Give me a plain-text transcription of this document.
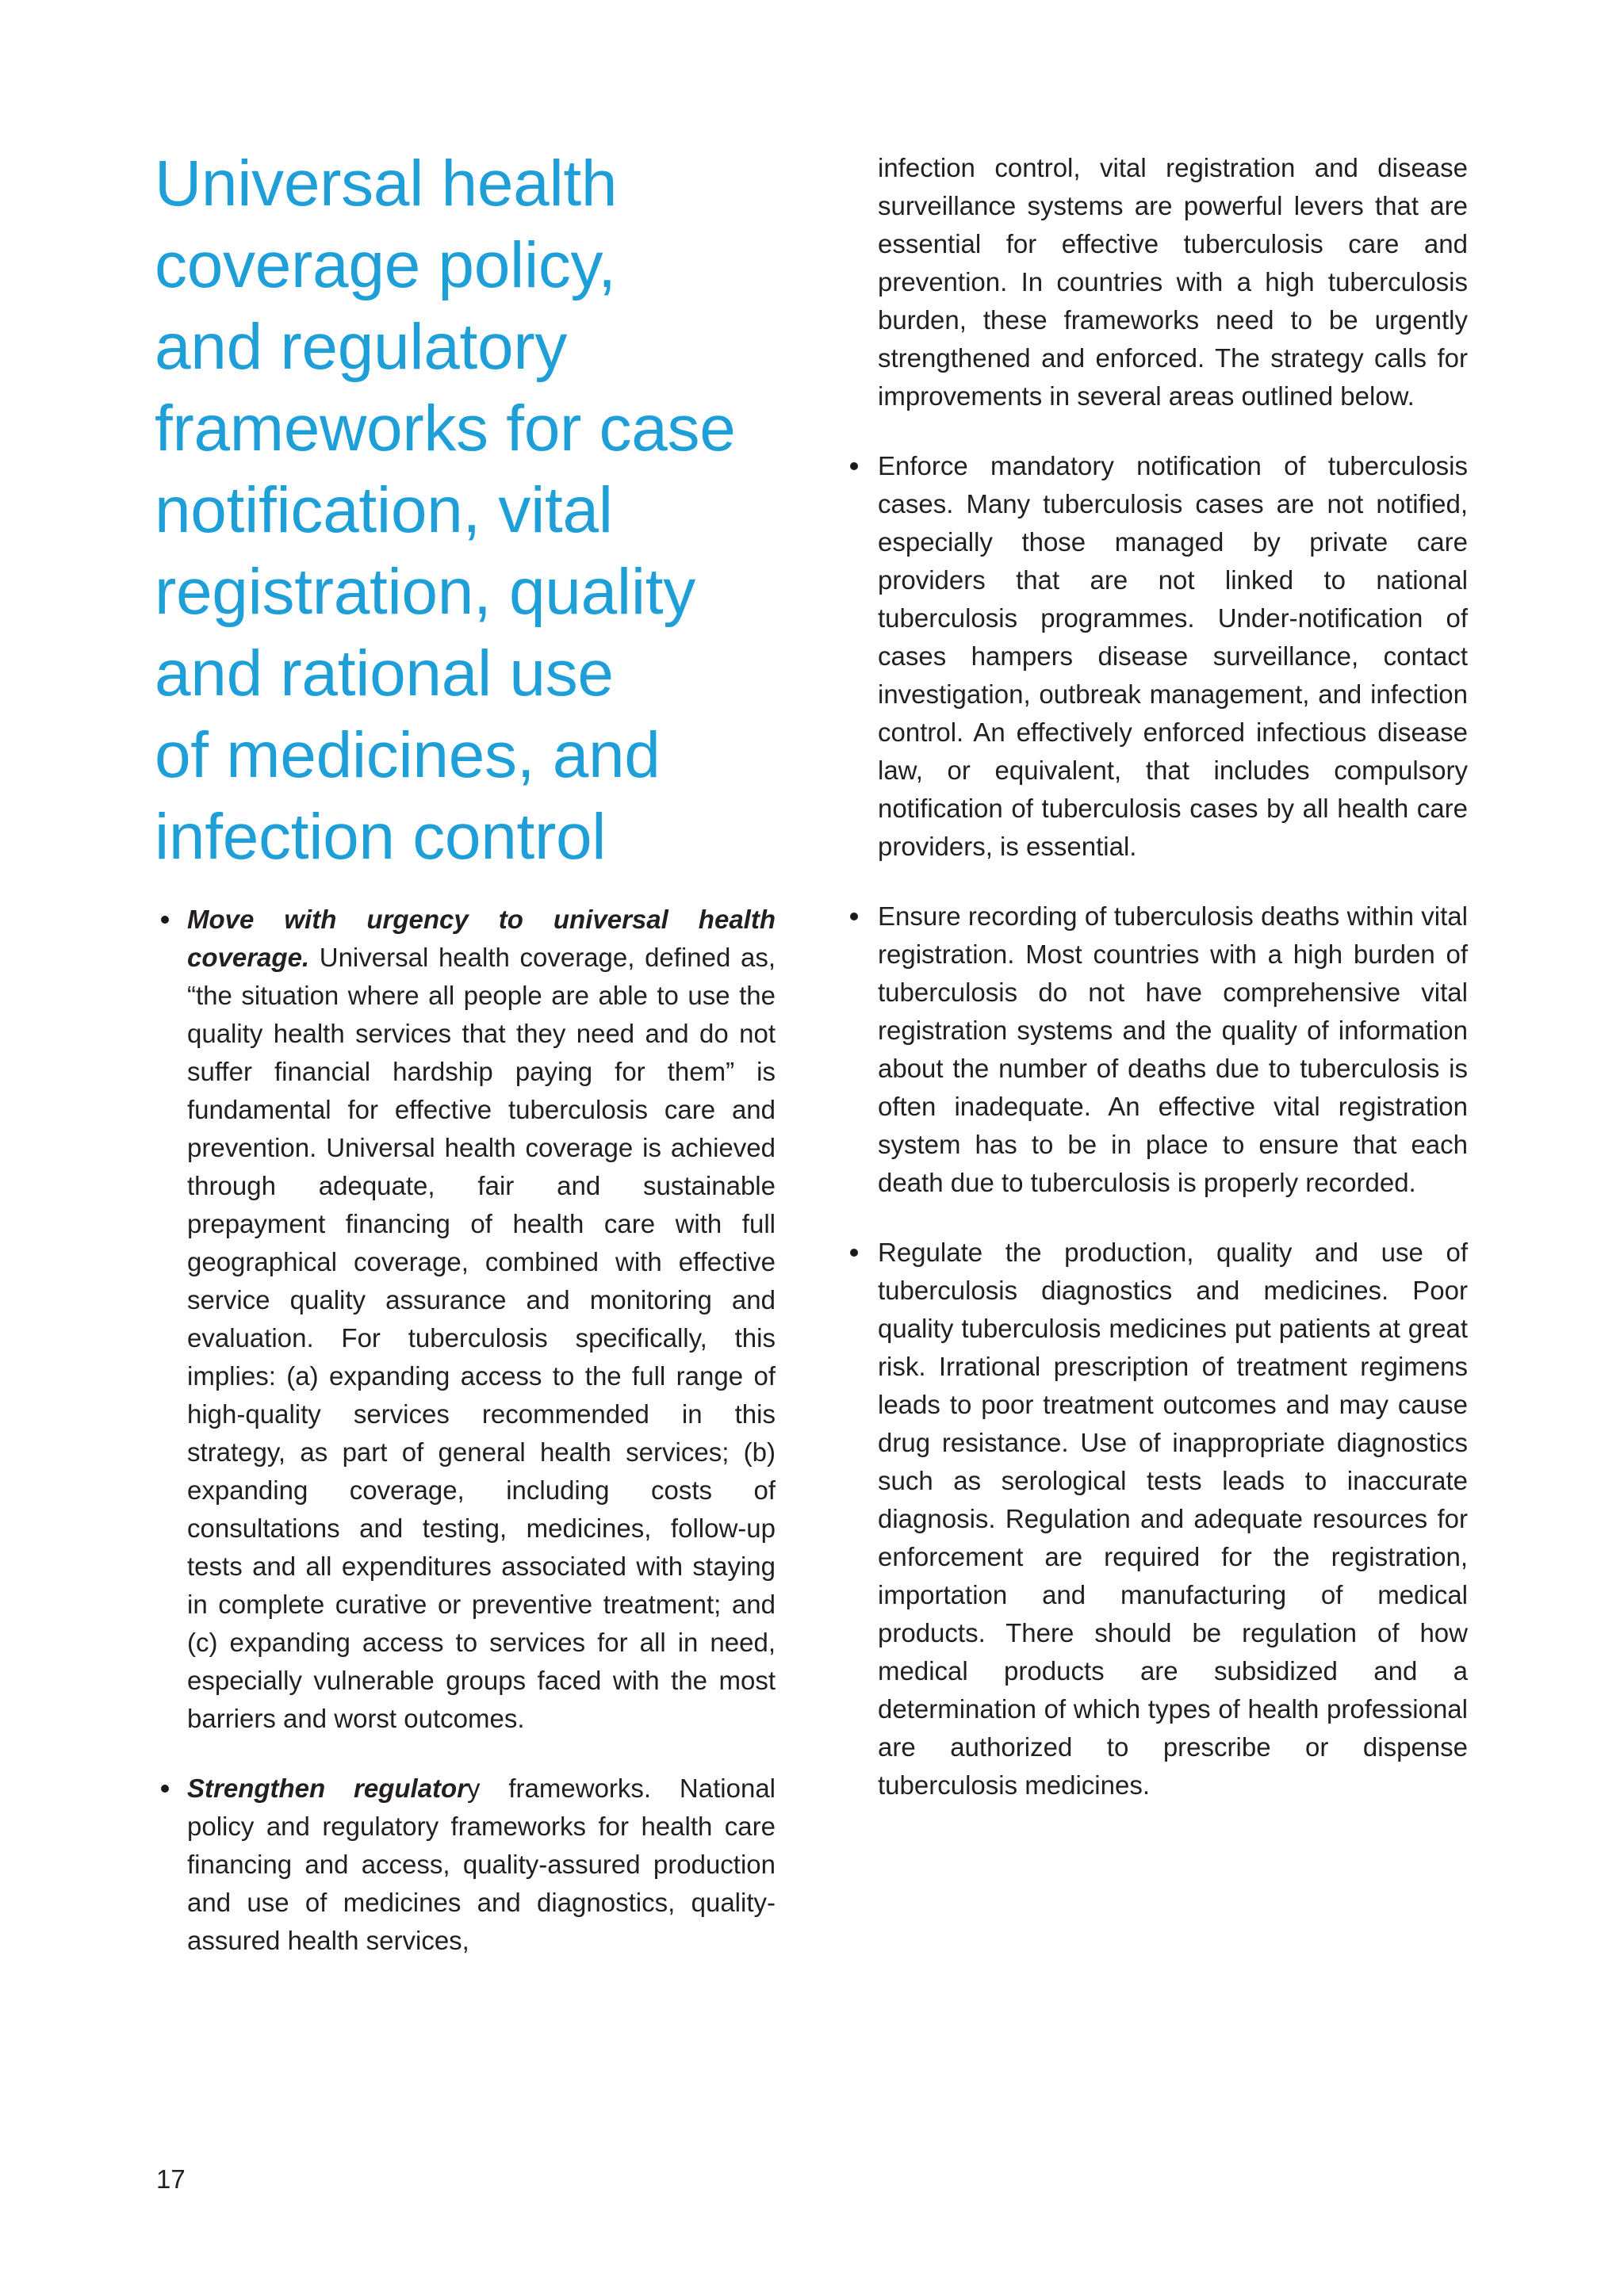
Universal health
coverage policy,
and regulatory
frameworks for case
notification, vital
registration, quality
and rational use
of medicines, and
infection control
Move with urgency to universal health coverage. Universal health coverage, defined as, “the situation where all people are able to use the quality health services that they need and do not suffer financial hardship paying for them” is fundamental for effective tuberculosis care and prevention. Universal health coverage is achieved through adequate, fair and sustainable prepayment financing of health care with full geographical coverage, combined with effective service quality assurance and monitoring and evaluation. For tuberculosis specifically, this implies: (a) expanding access to the full range of high-quality services recommended in this strategy, as part of general health services; (b) expanding coverage, including costs of consultations and testing, medicines, follow-up tests and all expenditures associated with staying in complete curative or preventive treatment; and (c) expanding access to services for all in need, especially vulnerable groups faced with the most barriers and worst outcomes.
Strengthen regulatory frameworks. National policy and regulatory frameworks for health care financing and access, quality-assured production and use of medicines and diagnostics, quality-assured health services,

infection control, vital registration and disease surveillance systems are powerful levers that are essential for effective tuberculosis care and prevention. In countries with a high tuberculosis burden, these frameworks need to be urgently strengthened and enforced. The strategy calls for improvements in several areas outlined below.

Enforce mandatory notification of tuberculosis cases. Many tuberculosis cases are not notified, especially those managed by private care providers that are not linked to national tuberculosis programmes. Under-notification of cases hampers disease surveillance, contact investigation, outbreak management, and infection control. An effectively enforced infectious disease law, or equivalent, that includes compulsory notification of tuberculosis cases by all health care providers, is essential.
Ensure recording of tuberculosis deaths within vital registration. Most countries with a high burden of tuberculosis do not have comprehensive vital registration systems and the quality of information about the number of deaths due to tuberculosis is often inadequate. An effective vital registration system has to be in place to ensure that each death due to tuberculosis is properly recorded.
Regulate the production, quality and use of tuberculosis diagnostics and medicines. Poor quality tuberculosis medicines put patients at great risk. Irrational prescription of treatment regimens leads to poor treatment outcomes and may cause drug resistance. Use of inappropriate diagnostics such as serological tests leads to inaccurate diagnosis. Regulation and adequate resources for enforcement are required for the registration, importation and manufacturing of medical products. There should be regulation of how medical products are subsidized and a determination of which types of health professional are authorized to prescribe or dispense tuberculosis medicines.
17
